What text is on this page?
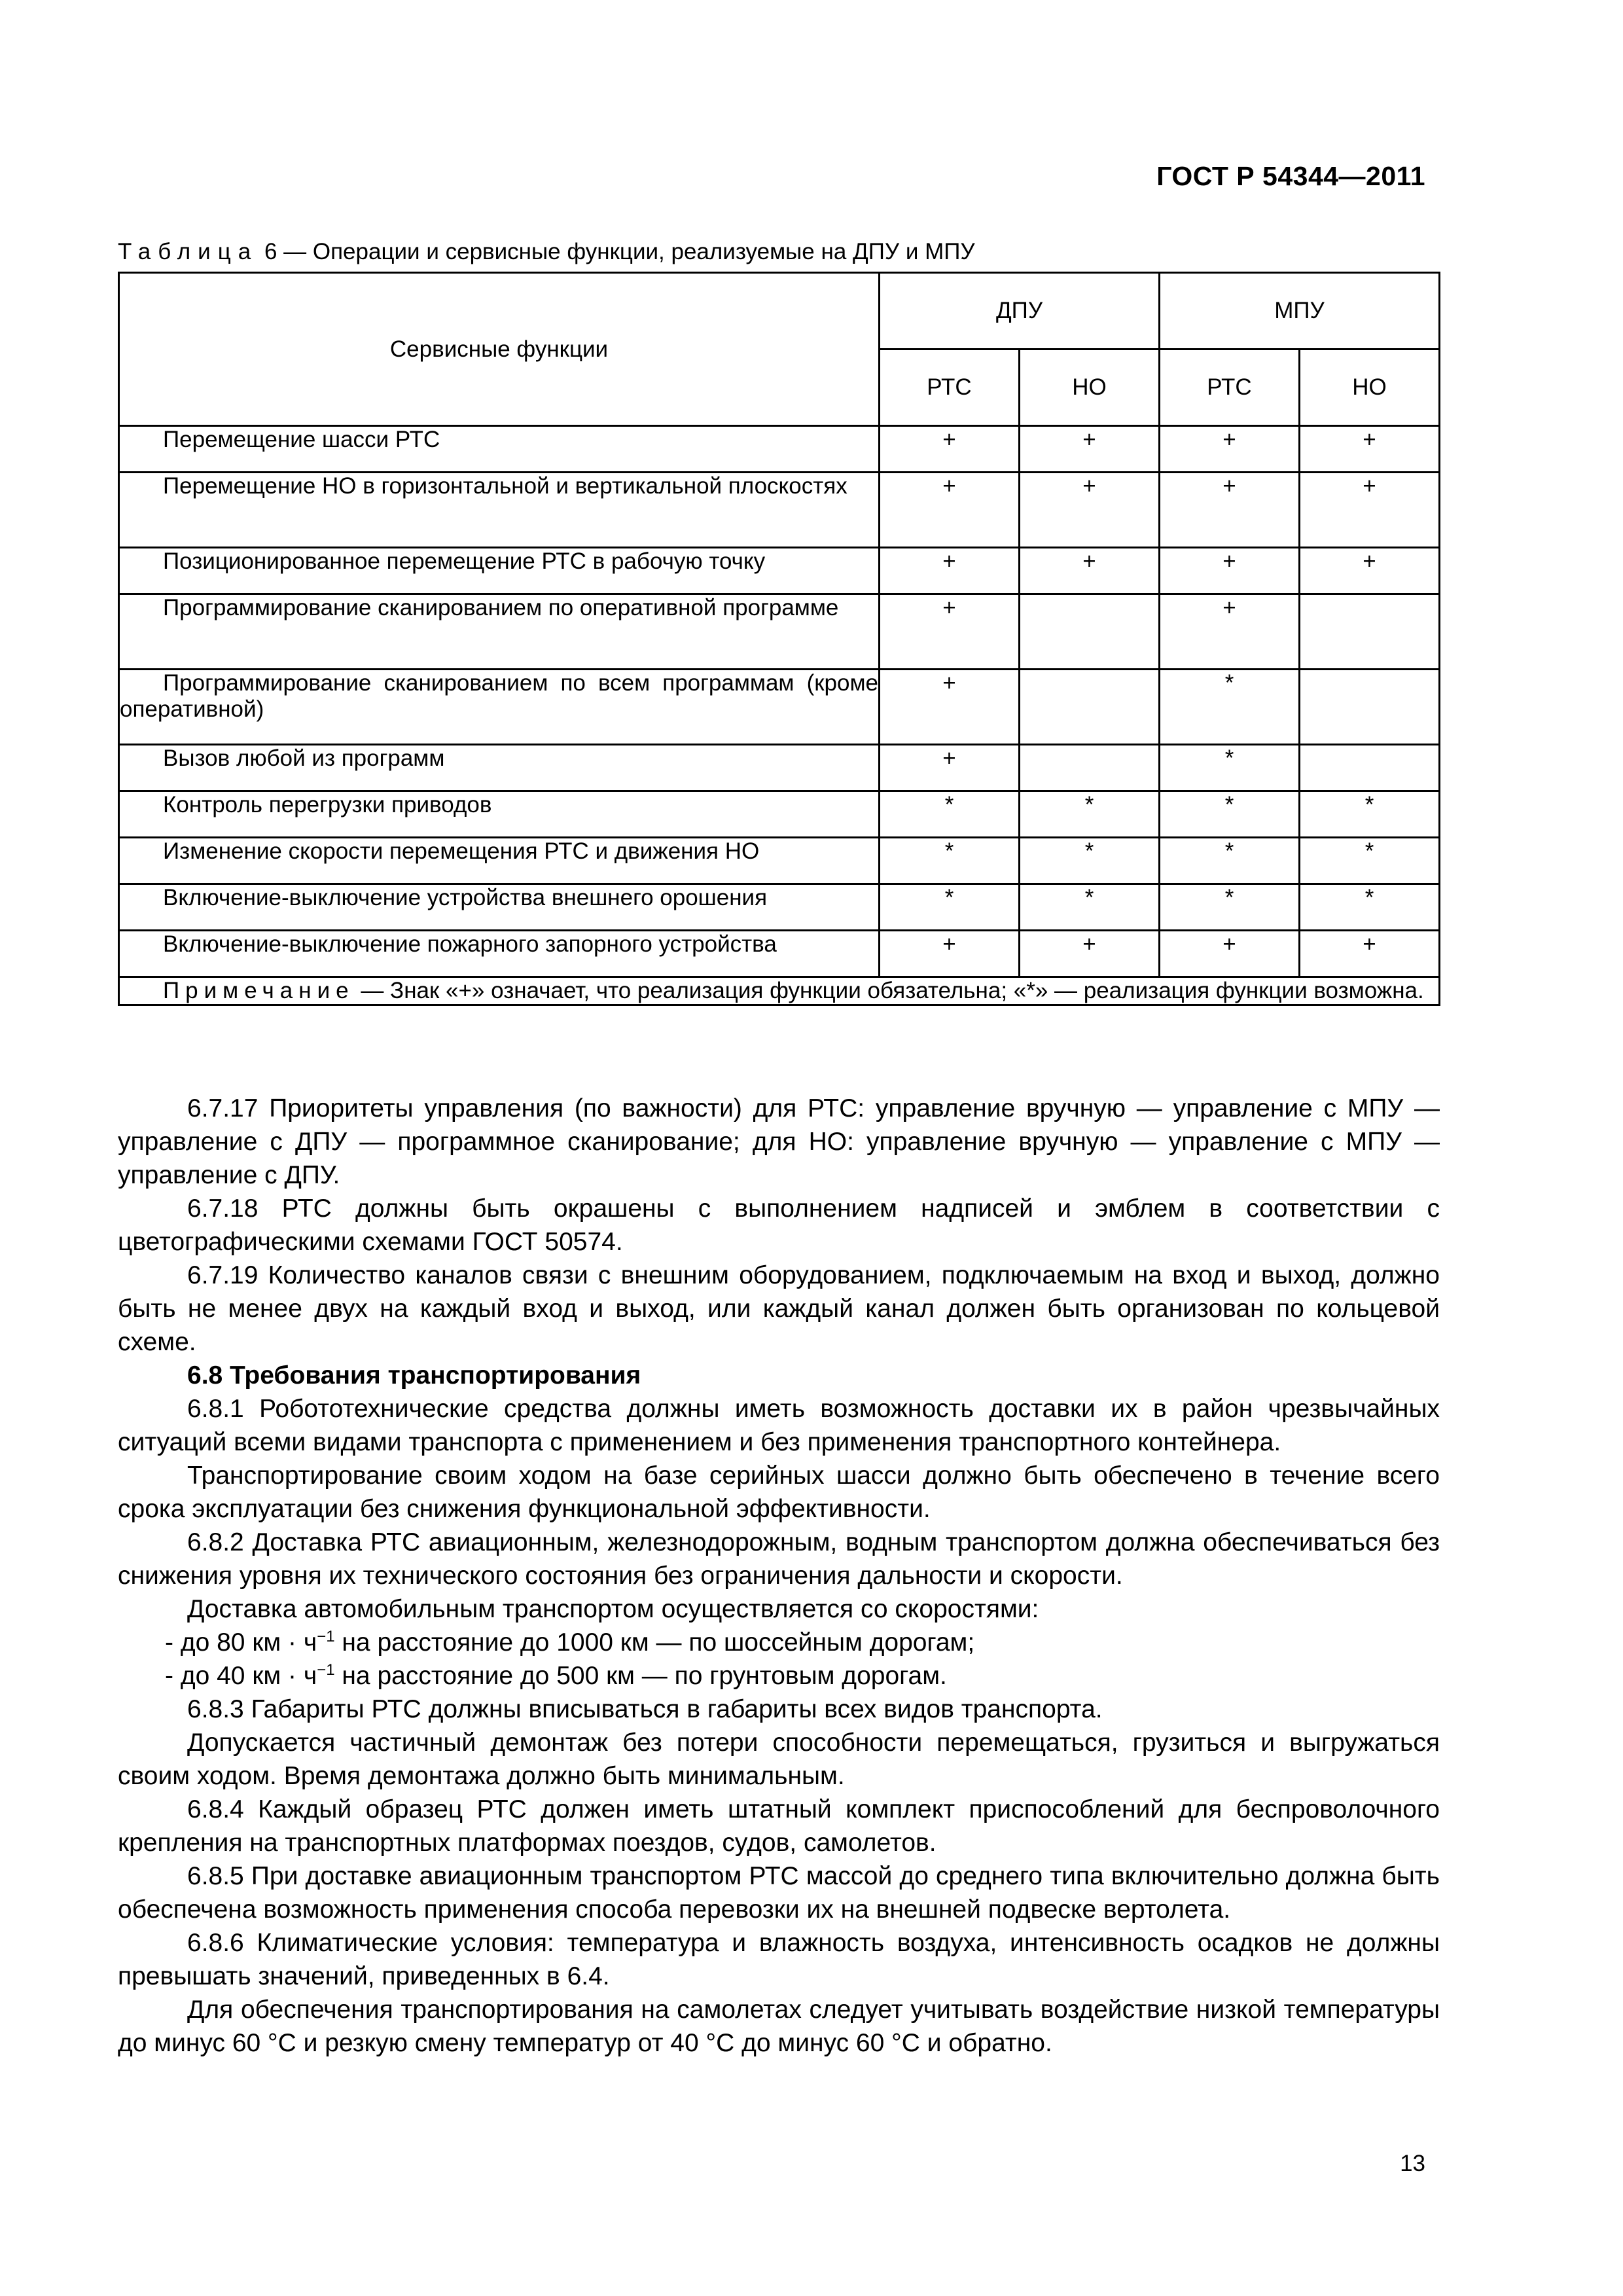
ГОСТ Р 54344—2011
Таблица 6 — Операции и сервисные функции, реализуемые на ДПУ и МПУ
Сервисные функции	ДПУ		МПУ	
	РТС	НО	РТС	НО
Перемещение шасси РТС	+	+	+	+
Перемещение НО в горизонтальной и вертикальной плоскостях	+	+	+	+
Позиционированное перемещение РТС в рабочую точку	+	+	+	+
Программирование сканированием по оперативной программе	+		+	
Программирование сканированием по всем программам (кроме оперативной)	+		*	
Вызов любой из программ	+		*	
Контроль перегрузки приводов	*	*	*	*
Изменение скорости перемещения РТС и движения НО	*	*	*	*
Включение-выключение устройства внешнего орошения	*	*	*	*
Включение-выключение пожарного запорного устройства	+	+	+	+
Примечание — Знак «+» означает, что реализация функции обязательна; «*» — реализация функции возможна.				

6.7.17 Приоритеты управления (по важности) для РТС: управление вручную — управление с МПУ — управление с ДПУ — программное сканирование; для НО: управление вручную — управление с МПУ — управление с ДПУ.

6.7.18 РТС должны быть окрашены с выполнением надписей и эмблем в соответствии с цветографическими схемами ГОСТ 50574.

6.7.19 Количество каналов связи с внешним оборудованием, подключаемым на вход и выход, должно быть не менее двух на каждый вход и выход, или каждый канал должен быть организован по кольцевой схеме.

6.8 Требования транспортирования

6.8.1 Робототехнические средства должны иметь возможность доставки их в район чрезвычайных ситуаций всеми видами транспорта с применением и без применения транспортного контейнера.

Транспортирование своим ходом на базе серийных шасси должно быть обеспечено в течение всего срока эксплуатации без снижения функциональной эффективности.

6.8.2 Доставка РТС авиационным, железнодорожным, водным транспортом должна обеспечиваться без снижения уровня их технического состояния без ограничения дальности и скорости.

Доставка автомобильным транспортом осуществляется со скоростями:

- до 80 км · $ч^{-1}$ на расстояние до 1000 км — по шоссейным дорогам;

- до 40 км · $ч^{-1}$ на расстояние до 500 км — по грунтовым дорогам.

6.8.3 Габариты РТС должны вписываться в габариты всех видов транспорта.

Допускается частичный демонтаж без потери способности перемещаться, грузиться и выгружаться своим ходом. Время демонтажа должно быть минимальным.

6.8.4 Каждый образец РТС должен иметь штатный комплект приспособлений для беспроволочного крепления на транспортных платформах поездов, судов, самолетов.

6.8.5 При доставке авиационным транспортом РТС массой до среднего типа включительно должна быть обеспечена возможность применения способа перевозки их на внешней подвеске вертолета.

6.8.6 Климатические условия: температура и влажность воздуха, интенсивность осадков не должны превышать значений, приведенных в 6.4.

Для обеспечения транспортирования на самолетах следует учитывать воздействие низкой температуры до минус 60 °С и резкую смену температур от 40 °С до минус 60 °С и обратно.

13
